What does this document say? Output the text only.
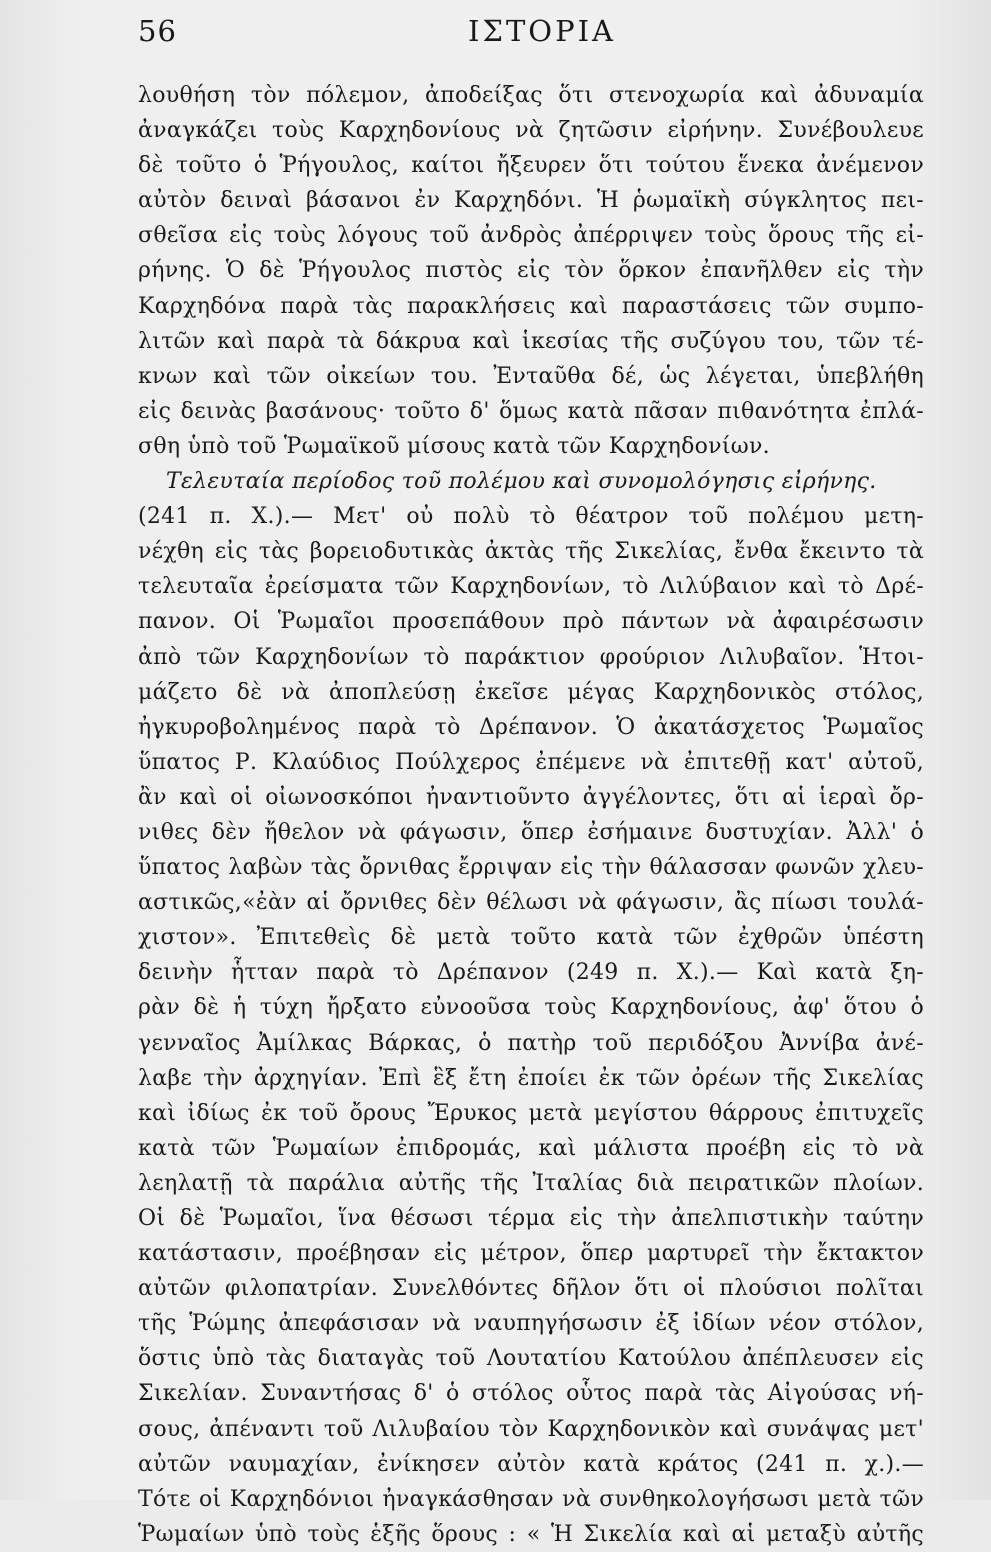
56	ΙΣΤΟΡΙΑ
λουθήση τὸν πόλεμον, ἀποδείξας ὅτι στενοχωρία καὶ ἀδυναμία
ἀναγκάζει τοὺς Καρχηδονίους νὰ ζητῶσιν εἰρήνην. Συνέβουλευε
δὲ τοῦτο ὁ Ῥήγουλος, καίτοι ἤξευρεν ὅτι τούτου ἕνεκα ἀνέμενον
αὐτὸν δειναὶ βάσανοι ἐν Καρχηδόνι. Ἡ ῥωμαϊκὴ σύγκλητος πει-
σθεῖσα εἰς τοὺς λόγους τοῦ ἀνδρὸς ἀπέρριψεν τοὺς ὅρους τῆς εἰ-
ρήνης. Ὁ δὲ Ῥήγουλος πιστὸς εἰς τὸν ὅρκον ἐπανῆλθεν εἰς τὴν
Καρχηδόνα παρὰ τὰς παρακλήσεις καὶ παραστάσεις τῶν συμπο-
λιτῶν καὶ παρὰ τὰ δάκρυα καὶ ἱκεσίας τῆς συζύγου του, τῶν τέ-
κνων καὶ τῶν οἰκείων του. Ἐνταῦθα δέ, ὡς λέγεται, ὑπεβλήθη
εἰς δεινὰς βασάνους· τοῦτο δ' ὅμως κατὰ πᾶσαν πιθανότητα ἐπλά-
σθη ὑπὸ τοῦ Ῥωμαϊκοῦ μίσους κατὰ τῶν Καρχηδονίων.
Τελευταία περίοδος τοῦ πολέμου καὶ συνομολόγησις εἰρήνης.
(241 π. Χ.).— Μετ' οὐ πολὺ τὸ θέατρον τοῦ πολέμου μετη-
νέχθη εἰς τὰς βορειοδυτικὰς ἀκτὰς τῆς Σικελίας, ἔνθα ἔκειντο τὰ
τελευταῖα ἐρείσματα τῶν Καρχηδονίων, τὸ Λιλύβαιον καὶ τὸ Δρέ-
πανον. Οἱ Ῥωμαῖοι προσεπάθουν πρὸ πάντων νὰ ἀφαιρέσωσιν
ἀπὸ τῶν Καρχηδονίων τὸ παράκτιον φρούριον Λιλυβαῖον. Ἡτοι-
μάζετο δὲ νὰ ἀποπλεύσῃ ἐκεῖσε μέγας Καρχηδονικὸς στόλος,
ἠγκυροβολημένος παρὰ τὸ Δρέπανον. Ὁ ἀκατάσχετος Ῥωμαῖος
ὕπατος Ρ. Κλαύδιος Πούλχερος ἐπέμενε νὰ ἐπιτεθῇ κατ' αὐτοῦ,
ἂν καὶ οἱ οἰωνοσκόποι ἠναντιοῦντο ἀγγέλοντες, ὅτι αἱ ἱεραὶ ὄρ-
νιθες δὲν ἤθελον νὰ φάγωσιν, ὅπερ ἐσήμαινε δυστυχίαν. Ἀλλ' ὁ
ὕπατος λαβὼν τὰς ὄρνιθας ἔρριψαν εἰς τὴν θάλασσαν φωνῶν χλευ-
αστικῶς,«ἐὰν αἱ ὄρνιθες δὲν θέλωσι νὰ φάγωσιν, ἂς πίωσι τουλά-
χιστον». Ἐπιτεθεὶς δὲ μετὰ τοῦτο κατὰ τῶν ἐχθρῶν ὑπέστη
δεινὴν ἧτταν παρὰ τὸ Δρέπανον (249 π. Χ.).— Καὶ κατὰ ξη-
ρὰν δὲ ἡ τύχη ἤρξατο εὐνοοῦσα τοὺς Καρχηδονίους, ἀφ' ὅτου ὁ
γενναῖος Ἀμίλκας Βάρκας, ὁ πατὴρ τοῦ περιδόξου Ἀννίβα ἀνέ-
λαβε τὴν ἀρχηγίαν. Ἐπὶ ἓξ ἔτη ἐποίει ἐκ τῶν ὀρέων τῆς Σικελίας
καὶ ἰδίως ἐκ τοῦ ὄρους Ἔρυκος μετὰ μεγίστου θάρρους ἐπιτυχεῖς
κατὰ τῶν Ῥωμαίων ἐπιδρομάς, καὶ μάλιστα προέβη εἰς τὸ νὰ
λεηλατῇ τὰ παράλια αὐτῆς τῆς Ἰταλίας διὰ πειρατικῶν πλοίων.
Οἱ δὲ Ῥωμαῖοι, ἵνα θέσωσι τέρμα εἰς τὴν ἀπελπιστικὴν ταύτην
κατάστασιν, προέβησαν εἰς μέτρον, ὅπερ μαρτυρεῖ τὴν ἔκτακτον
αὐτῶν φιλοπατρίαν. Συνελθόντες δῆλον ὅτι οἱ πλούσιοι πολῖται
τῆς Ῥώμης ἀπεφάσισαν νὰ ναυπηγήσωσιν ἐξ ἰδίων νέον στόλον,
ὅστις ὑπὸ τὰς διαταγὰς τοῦ Λουτατίου Κατούλου ἀπέπλευσεν εἰς
Σικελίαν. Συναντήσας δ' ὁ στόλος οὗτος παρὰ τὰς Αἰγούσας νή-
σους, ἀπέναντι τοῦ Λιλυβαίου τὸν Καρχηδονικὸν καὶ συνάψας μετ'
αὐτῶν ναυμαχίαν, ἐνίκησεν αὐτὸν κατὰ κράτος (241 π. χ.).—
Τότε οἱ Καρχηδόνιοι ἠναγκάσθησαν νὰ συνθηκολογήσωσι μετὰ τῶν
Ῥωμαίων ὑπὸ τοὺς ἑξῆς ὅρους : « Ἡ Σικελία καὶ αἱ μεταξὺ αὐτῆς
